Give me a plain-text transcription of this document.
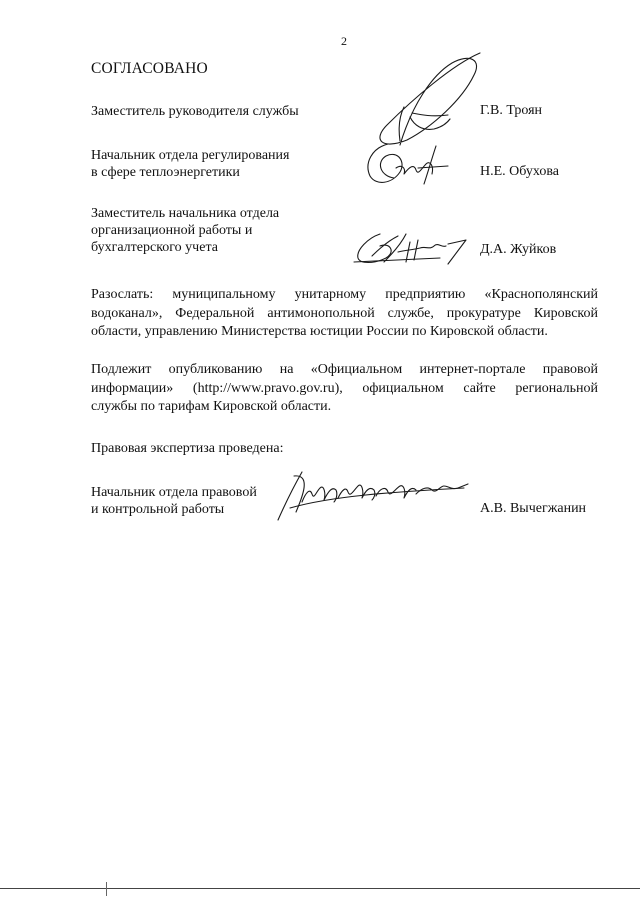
2
СОГЛАСОВАНО
Заместитель руководителя службы	Г.В. Троян
Начальник отдела регулирования
в сфере теплоэнергетики	Н.Е. Обухова
Заместитель начальника отдела
организационной работы и
бухгалтерского учета	Д.А. Жуйков
Разослать: муниципальному унитарному предприятию «Краснополянский
водоканал», Федеральной антимонопольной службе, прокуратуре Кировской
области, управлению Министерства юстиции России по Кировской области.
Подлежит опубликованию на «Официальном интернет-портале правовой
информации» (http://www.pravo.gov.ru), официальном сайте региональной
службы по тарифам Кировской области.
Правовая экспертиза проведена:
Начальник отдела правовой
и контрольной работы	А.В. Вычегжанин
